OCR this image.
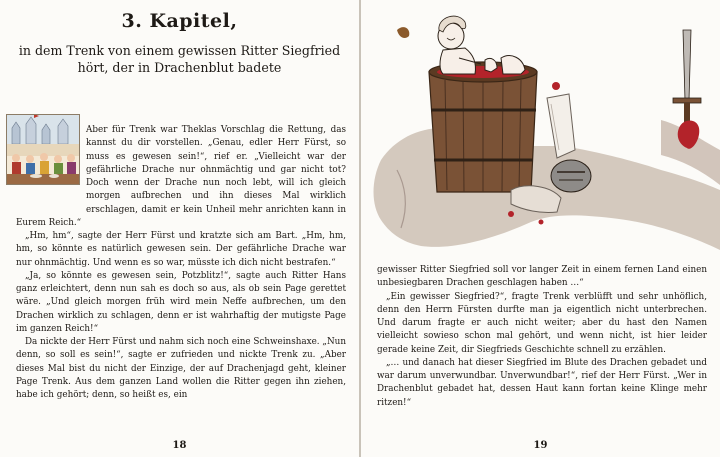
3. Kapitel,
in dem Trenk von einem gewissen Ritter Siegfried
hört, der in Drachenblut badete

Aber für Trenk war Theklas Vorschlag die Rettung, das kannst du dir vorstellen. „Genau, edler Herr Fürst, so muss es gewesen sein!“, rief er. „Vielleicht war der gefährliche Drache nur ohnmächtig und gar nicht tot? Doch wenn der Drache nun noch lebt, will ich gleich morgen aufbrechen und ihn dieses Mal wirklich erschlagen, damit er kein Unheil mehr anrichten kann in Eurem Reich.“

„Hm, hm“, sagte der Herr Fürst und kratzte sich am Bart. „Hm, hm, hm, so könnte es natürlich gewesen sein. Der gefährliche Drache war nur ohnmächtig. Und wenn es so war, müsste ich dich nicht bestrafen.“

„Ja, so könnte es gewesen sein, Potzblitz!“, sagte auch Ritter Hans ganz erleichtert, denn nun sah es doch so aus, als ob sein Page gerettet wäre. „Und gleich morgen früh wird mein Neffe aufbrechen, um den Drachen wirklich zu schlagen, denn er ist wahrhaftig der mutigste Page im ganzen Reich!“

Da nickte der Herr Fürst und nahm sich noch eine Schweinshaxe. „Nun denn, so soll es sein!“, sagte er zufrieden und nickte Trenk zu. „Aber dieses Mal bist du nicht der Einzige, der auf Drachenjagd geht, kleiner Page Trenk. Aus dem ganzen Land wollen die Ritter gegen ihn ziehen, habe ich gehört; denn, so heißt es, ein

18

gewisser Ritter Siegfried soll vor langer Zeit in einem fernen Land einen unbesiegbaren Drachen geschlagen haben …“

„Ein gewisser Siegfried?“, fragte Trenk verblüfft und sehr unhöflich, denn den Herrn Fürsten durfte man ja eigentlich nicht unterbrechen. Und darum fragte er auch nicht weiter; aber du hast den Namen vielleicht sowieso schon mal gehört, und wenn nicht, ist hier leider gerade keine Zeit, dir Siegfrieds Geschichte schnell zu erzählen.

„… und danach hat dieser Siegfried im Blute des Drachen gebadet und war darum unverwundbar. Unverwundbar!“, rief der Herr Fürst. „Wer in Drachenblut gebadet hat, dessen Haut kann fortan keine Klinge mehr ritzen!“

19
